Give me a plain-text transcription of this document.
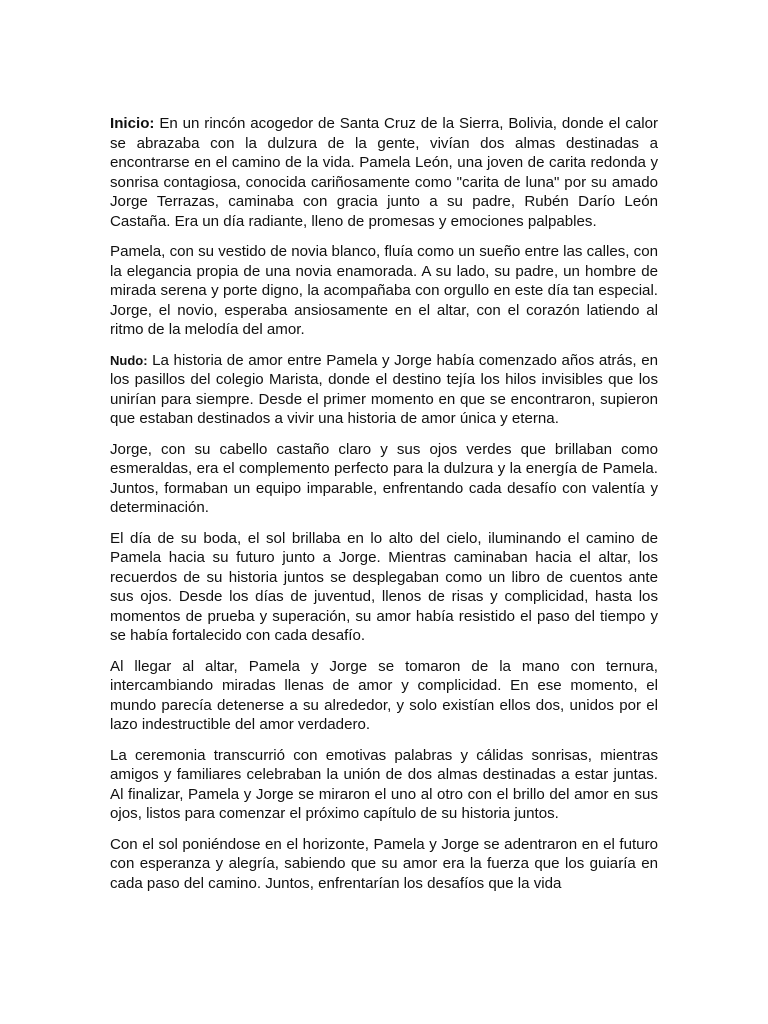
Inicio: En un rincón acogedor de Santa Cruz de la Sierra, Bolivia, donde el calor se abrazaba con la dulzura de la gente, vivían dos almas destinadas a encontrarse en el camino de la vida. Pamela León, una joven de carita redonda y sonrisa contagiosa, conocida cariñosamente como "carita de luna" por su amado Jorge Terrazas, caminaba con gracia junto a su padre, Rubén Darío León Castaña. Era un día radiante, lleno de promesas y emociones palpables.

Pamela, con su vestido de novia blanco, fluía como un sueño entre las calles, con la elegancia propia de una novia enamorada. A su lado, su padre, un hombre de mirada serena y porte digno, la acompañaba con orgullo en este día tan especial. Jorge, el novio, esperaba ansiosamente en el altar, con el corazón latiendo al ritmo de la melodía del amor.

Nudo: La historia de amor entre Pamela y Jorge había comenzado años atrás, en los pasillos del colegio Marista, donde el destino tejía los hilos invisibles que los unirían para siempre. Desde el primer momento en que se encontraron, supieron que estaban destinados a vivir una historia de amor única y eterna.

Jorge, con su cabello castaño claro y sus ojos verdes que brillaban como esmeraldas, era el complemento perfecto para la dulzura y la energía de Pamela. Juntos, formaban un equipo imparable, enfrentando cada desafío con valentía y determinación.

El día de su boda, el sol brillaba en lo alto del cielo, iluminando el camino de Pamela hacia su futuro junto a Jorge. Mientras caminaban hacia el altar, los recuerdos de su historia juntos se desplegaban como un libro de cuentos ante sus ojos. Desde los días de juventud, llenos de risas y complicidad, hasta los momentos de prueba y superación, su amor había resistido el paso del tiempo y se había fortalecido con cada desafío.

Al llegar al altar, Pamela y Jorge se tomaron de la mano con ternura, intercambiando miradas llenas de amor y complicidad. En ese momento, el mundo parecía detenerse a su alrededor, y solo existían ellos dos, unidos por el lazo indestructible del amor verdadero.

La ceremonia transcurrió con emotivas palabras y cálidas sonrisas, mientras amigos y familiares celebraban la unión de dos almas destinadas a estar juntas. Al finalizar, Pamela y Jorge se miraron el uno al otro con el brillo del amor en sus ojos, listos para comenzar el próximo capítulo de su historia juntos.

Con el sol poniéndose en el horizonte, Pamela y Jorge se adentraron en el futuro con esperanza y alegría, sabiendo que su amor era la fuerza que los guiaría en cada paso del camino. Juntos, enfrentarían los desafíos que la vida
